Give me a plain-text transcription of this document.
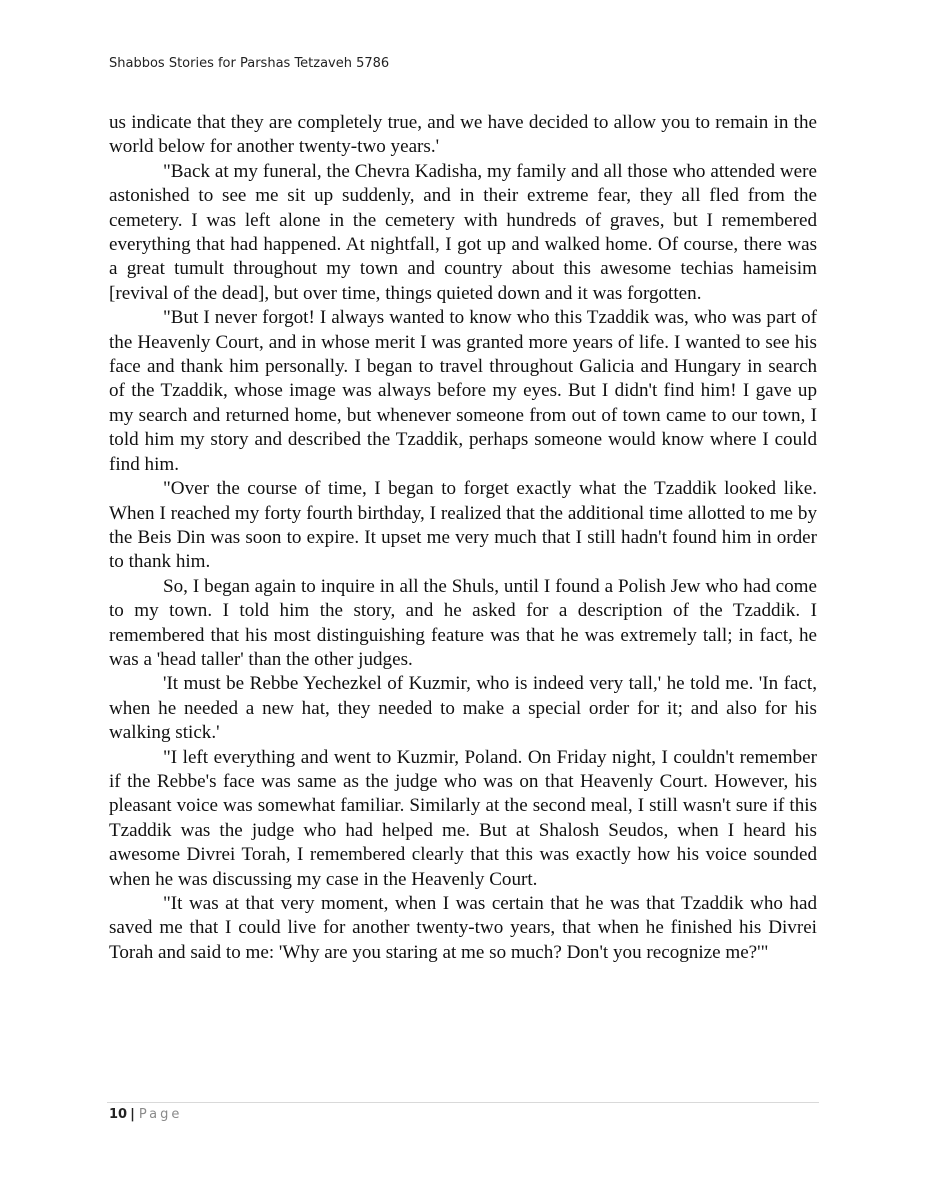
Shabbos Stories for Parshas Tetzaveh 5786

us indicate that they are completely true, and we have decided to allow you to remain in the world below for another twenty-two years.'

"Back at my funeral, the Chevra Kadisha, my family and all those who attended were astonished to see me sit up suddenly, and in their extreme fear, they all fled from the cemetery. I was left alone in the cemetery with hundreds of graves, but I remembered everything that had happened. At nightfall, I got up and walked home. Of course, there was a great tumult throughout my town and country about this awesome techias hameisim [revival of the dead], but over time, things quieted down and it was forgotten.

"But I never forgot! I always wanted to know who this Tzaddik was, who was part of the Heavenly Court, and in whose merit I was granted more years of life. I wanted to see his face and thank him personally. I began to travel throughout Galicia and Hungary in search of the Tzaddik, whose image was always before my eyes. But I didn't find him! I gave up my search and returned home, but whenever someone from out of town came to our town, I told him my story and described the Tzaddik, perhaps someone would know where I could find him.

"Over the course of time, I began to forget exactly what the Tzaddik looked like. When I reached my forty fourth birthday, I realized that the additional time allotted to me by the Beis Din was soon to expire. It upset me very much that I still hadn't found him in order to thank him.

So, I began again to inquire in all the Shuls, until I found a Polish Jew who had come to my town. I told him the story, and he asked for a description of the Tzaddik. I remembered that his most distinguishing feature was that he was extremely tall; in fact, he was a 'head taller' than the other judges.

'It must be Rebbe Yechezkel of Kuzmir, who is indeed very tall,' he told me. 'In fact, when he needed a new hat, they needed to make a special order for it; and also for his walking stick.'

"I left everything and went to Kuzmir, Poland. On Friday night, I couldn't remember if the Rebbe's face was same as the judge who was on that Heavenly Court. However, his pleasant voice was somewhat familiar. Similarly at the second meal, I still wasn't sure if this Tzaddik was the judge who had helped me. But at Shalosh Seudos, when I heard his awesome Divrei Torah, I remembered clearly that this was exactly how his voice sounded when he was discussing my case in the Heavenly Court.

"It was at that very moment, when I was certain that he was that Tzaddik who had saved me that I could live for another twenty-two years, that when he finished his Divrei Torah and said to me: 'Why are you staring at me so much? Don't you recognize me?'"

10 | Page
